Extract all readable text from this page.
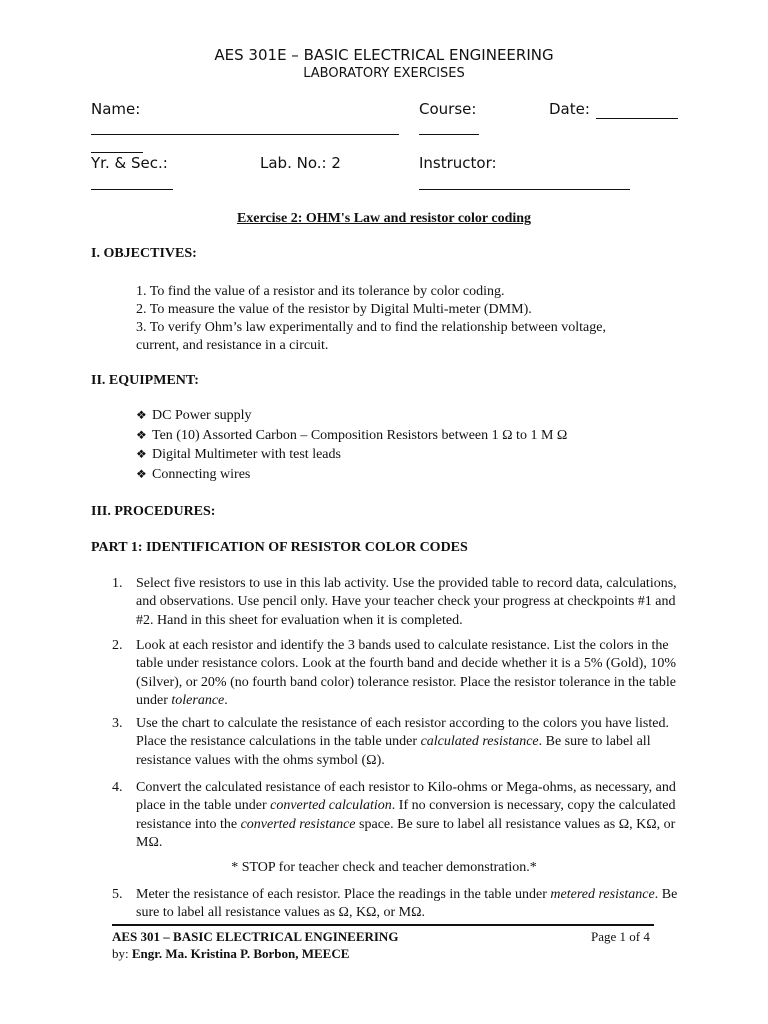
AES 301E – BASIC ELECTRICAL ENGINEERING
LABORATORY EXERCISES
Name:	Course:	Date:
Yr. & Sec.:	Lab. No.: 2	Instructor:
Exercise 2: OHM's Law and resistor color coding
I. OBJECTIVES:
1. To find the value of a resistor and its tolerance by color coding.
2. To measure the value of the resistor by Digital Multi-meter (DMM).
3. To verify Ohm’s law experimentally and to find the relationship between voltage,
current, and resistance in a circuit.
II. EQUIPMENT:
❖ DC Power supply
❖ Ten (10) Assorted Carbon – Composition Resistors between 1 Ω to 1 M Ω
❖ Digital Multimeter with test leads
❖ Connecting wires
III. PROCEDURES:
PART 1: IDENTIFICATION OF RESISTOR COLOR CODES
1. Select five resistors to use in this lab activity. Use the provided table to record data, calculations, and observations. Use pencil only. Have your teacher check your progress at checkpoints #1 and #2. Hand in this sheet for evaluation when it is completed.
2. Look at each resistor and identify the 3 bands used to calculate resistance. List the colors in the table under resistance colors. Look at the fourth band and decide whether it is a 5% (Gold), 10% (Silver), or 20% (no fourth band color) tolerance resistor. Place the resistor tolerance in the table under tolerance.
3. Use the chart to calculate the resistance of each resistor according to the colors you have listed. Place the resistance calculations in the table under calculated resistance. Be sure to label all resistance values with the ohms symbol (Ω).
4. Convert the calculated resistance of each resistor to Kilo-ohms or Mega-ohms, as necessary, and place in the table under converted calculation. If no conversion is necessary, copy the calculated resistance into the converted resistance space. Be sure to label all resistance values as Ω, KΩ, or MΩ.
* STOP for teacher check and teacher demonstration.*
5. Meter the resistance of each resistor. Place the readings in the table under metered resistance. Be sure to label all resistance values as Ω, KΩ, or MΩ.
AES 301 – BASIC ELECTRICAL ENGINEERING	Page 1 of 4
by: Engr. Ma. Kristina P. Borbon, MEECE
